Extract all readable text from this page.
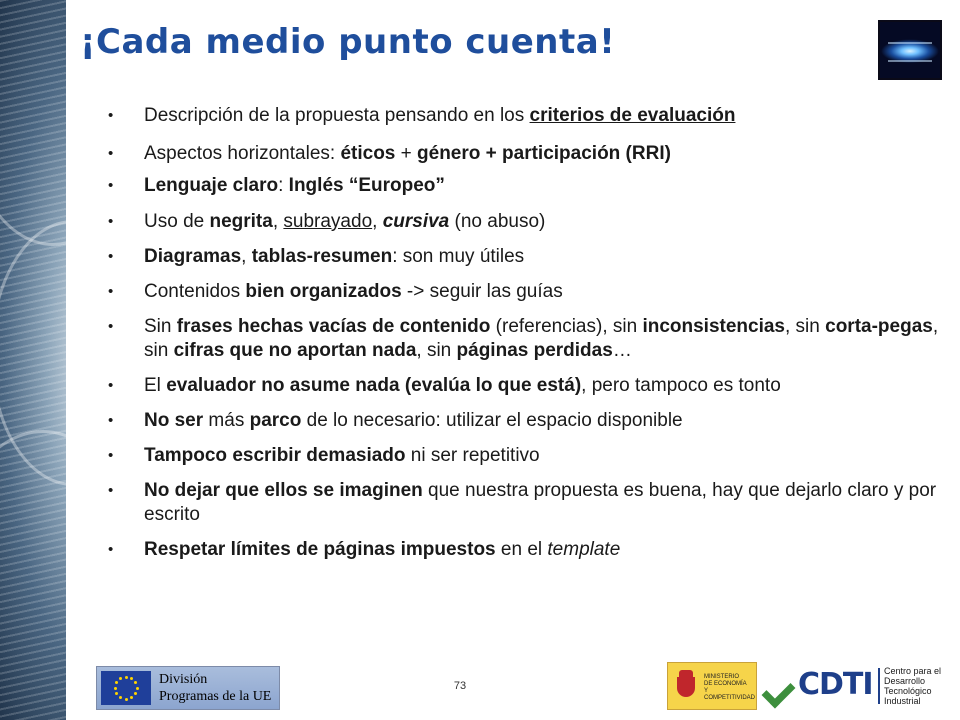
¡Cada medio punto cuenta!
• Descripción de la propuesta pensando en los criterios de evaluación
• Aspectos horizontales: éticos + género + participación (RRI)
• Lenguaje claro: Inglés “Europeo”
• Uso de negrita, subrayado, cursiva (no abuso)
• Diagramas, tablas-resumen: son muy útiles
• Contenidos bien organizados -> seguir las guías
• Sin frases hechas vacías de contenido (referencias), sin inconsistencias, sin corta-pegas, sin cifras que no aportan nada, sin páginas perdidas…
• El evaluador no asume nada (evalúa lo que está), pero tampoco es tonto
• No ser más parco de lo necesario: utilizar el espacio disponible
• Tampoco escribir demasiado ni ser repetitivo
• No dejar que ellos se imaginen que nuestra propuesta es buena, hay que dejarlo claro y por escrito
• Respetar límites de páginas impuestos en el template
División
Programas de la UE
73
MINISTERIO
DE ECONOMÍA
Y COMPETITIVIDAD CDTI Centro para el
Desarrollo
Tecnológico
Industrial
